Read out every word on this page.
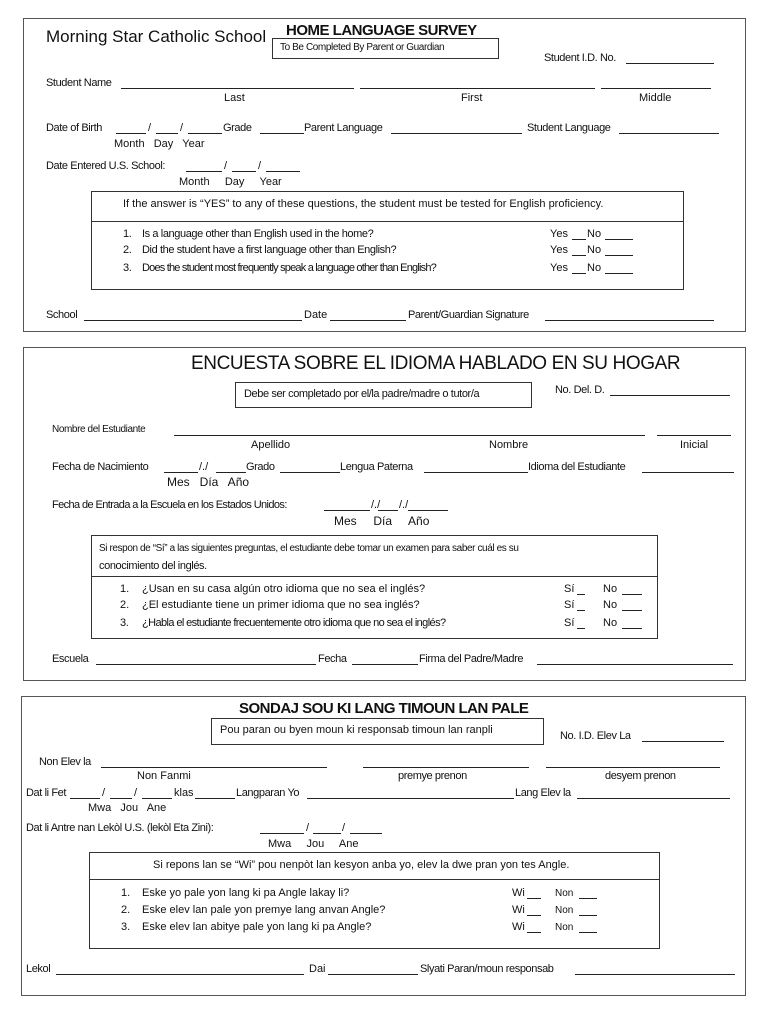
Morning Star Catholic School HOME LANGUAGE SURVEY
To Be Completed By Parent or Guardian
Student I.D. No.
Student Name
Last	First	Middle
Date of Birth	/	/	Grade	Parent Language	Student Language
Month   Day   Year
Date Entered U.S. School:	/	/
Month     Day     Year
If the answer is “YES” to any of these questions, the student must be tested for English proficiency.
1. Is a language other than English used in the home?	Yes No
2. Did the student have a first language other than English?	Yes No
3. Does the student most frequently speak a language other than English?	Yes No
School	Date	Parent/Guardian Signature
ENCUESTA SOBRE EL IDIOMA HABLADO EN SU HOGAR
Debe ser completado por el/la padre/madre o tutor/a	No. Del. D.
Nombre del Estudiante
Apellido	Nombre	Inicial
Fecha de Nacimiento	/./	Grado	Lengua Paterna	Idioma del Estudiante
Mes   Día   Año
Fecha de Entrada a la Escuela en los Estados Unidos:	/./ /./
Mes     Día     Año
Si respon de “Sí” a las siguientes preguntas, el estudiante debe tomar un examen para saber cuál es su
conocimiento del inglés.
1. ¿Usan en su casa algún otro idioma que no sea el inglés?	Sí	No
2. ¿El estudiante tiene un primer idioma que no sea inglés?	Sí	No
3. ¿Habla el estudiante frecuentemente otro idioma que no sea el inglés?	Sí	No
Escuela	Fecha	Firma del Padre/Madre
SONDAJ SOU KI LANG TIMOUN LAN PALE
Pou paran ou byen moun ki responsab timoun lan ranpli	No. I.D. Elev La
Non Elev la
Non Fanmi	premye prenon	desyem prenon
Dat li Fet	/	/	klas	Langparan Yo	Lang Elev la
Mwa   Jou   Ane
Dat li Antre nan Lekòl U.S. (lekòl Eta Zini):	/	/
Mwa     Jou     Ane
Si repons lan se “Wi” pou nenpòt lan kesyon anba yo, elev la dwe pran yon tes Angle.
1. Eske yo pale yon lang ki pa Angle lakay li?	Wi	Non
2. Eske elev lan pale yon premye lang anvan Angle?	Wi	Non
3. Eske elev lan abitye pale yon lang ki pa Angle?	Wi	Non
Lekol	Dai	Slyati Paran/moun responsab
